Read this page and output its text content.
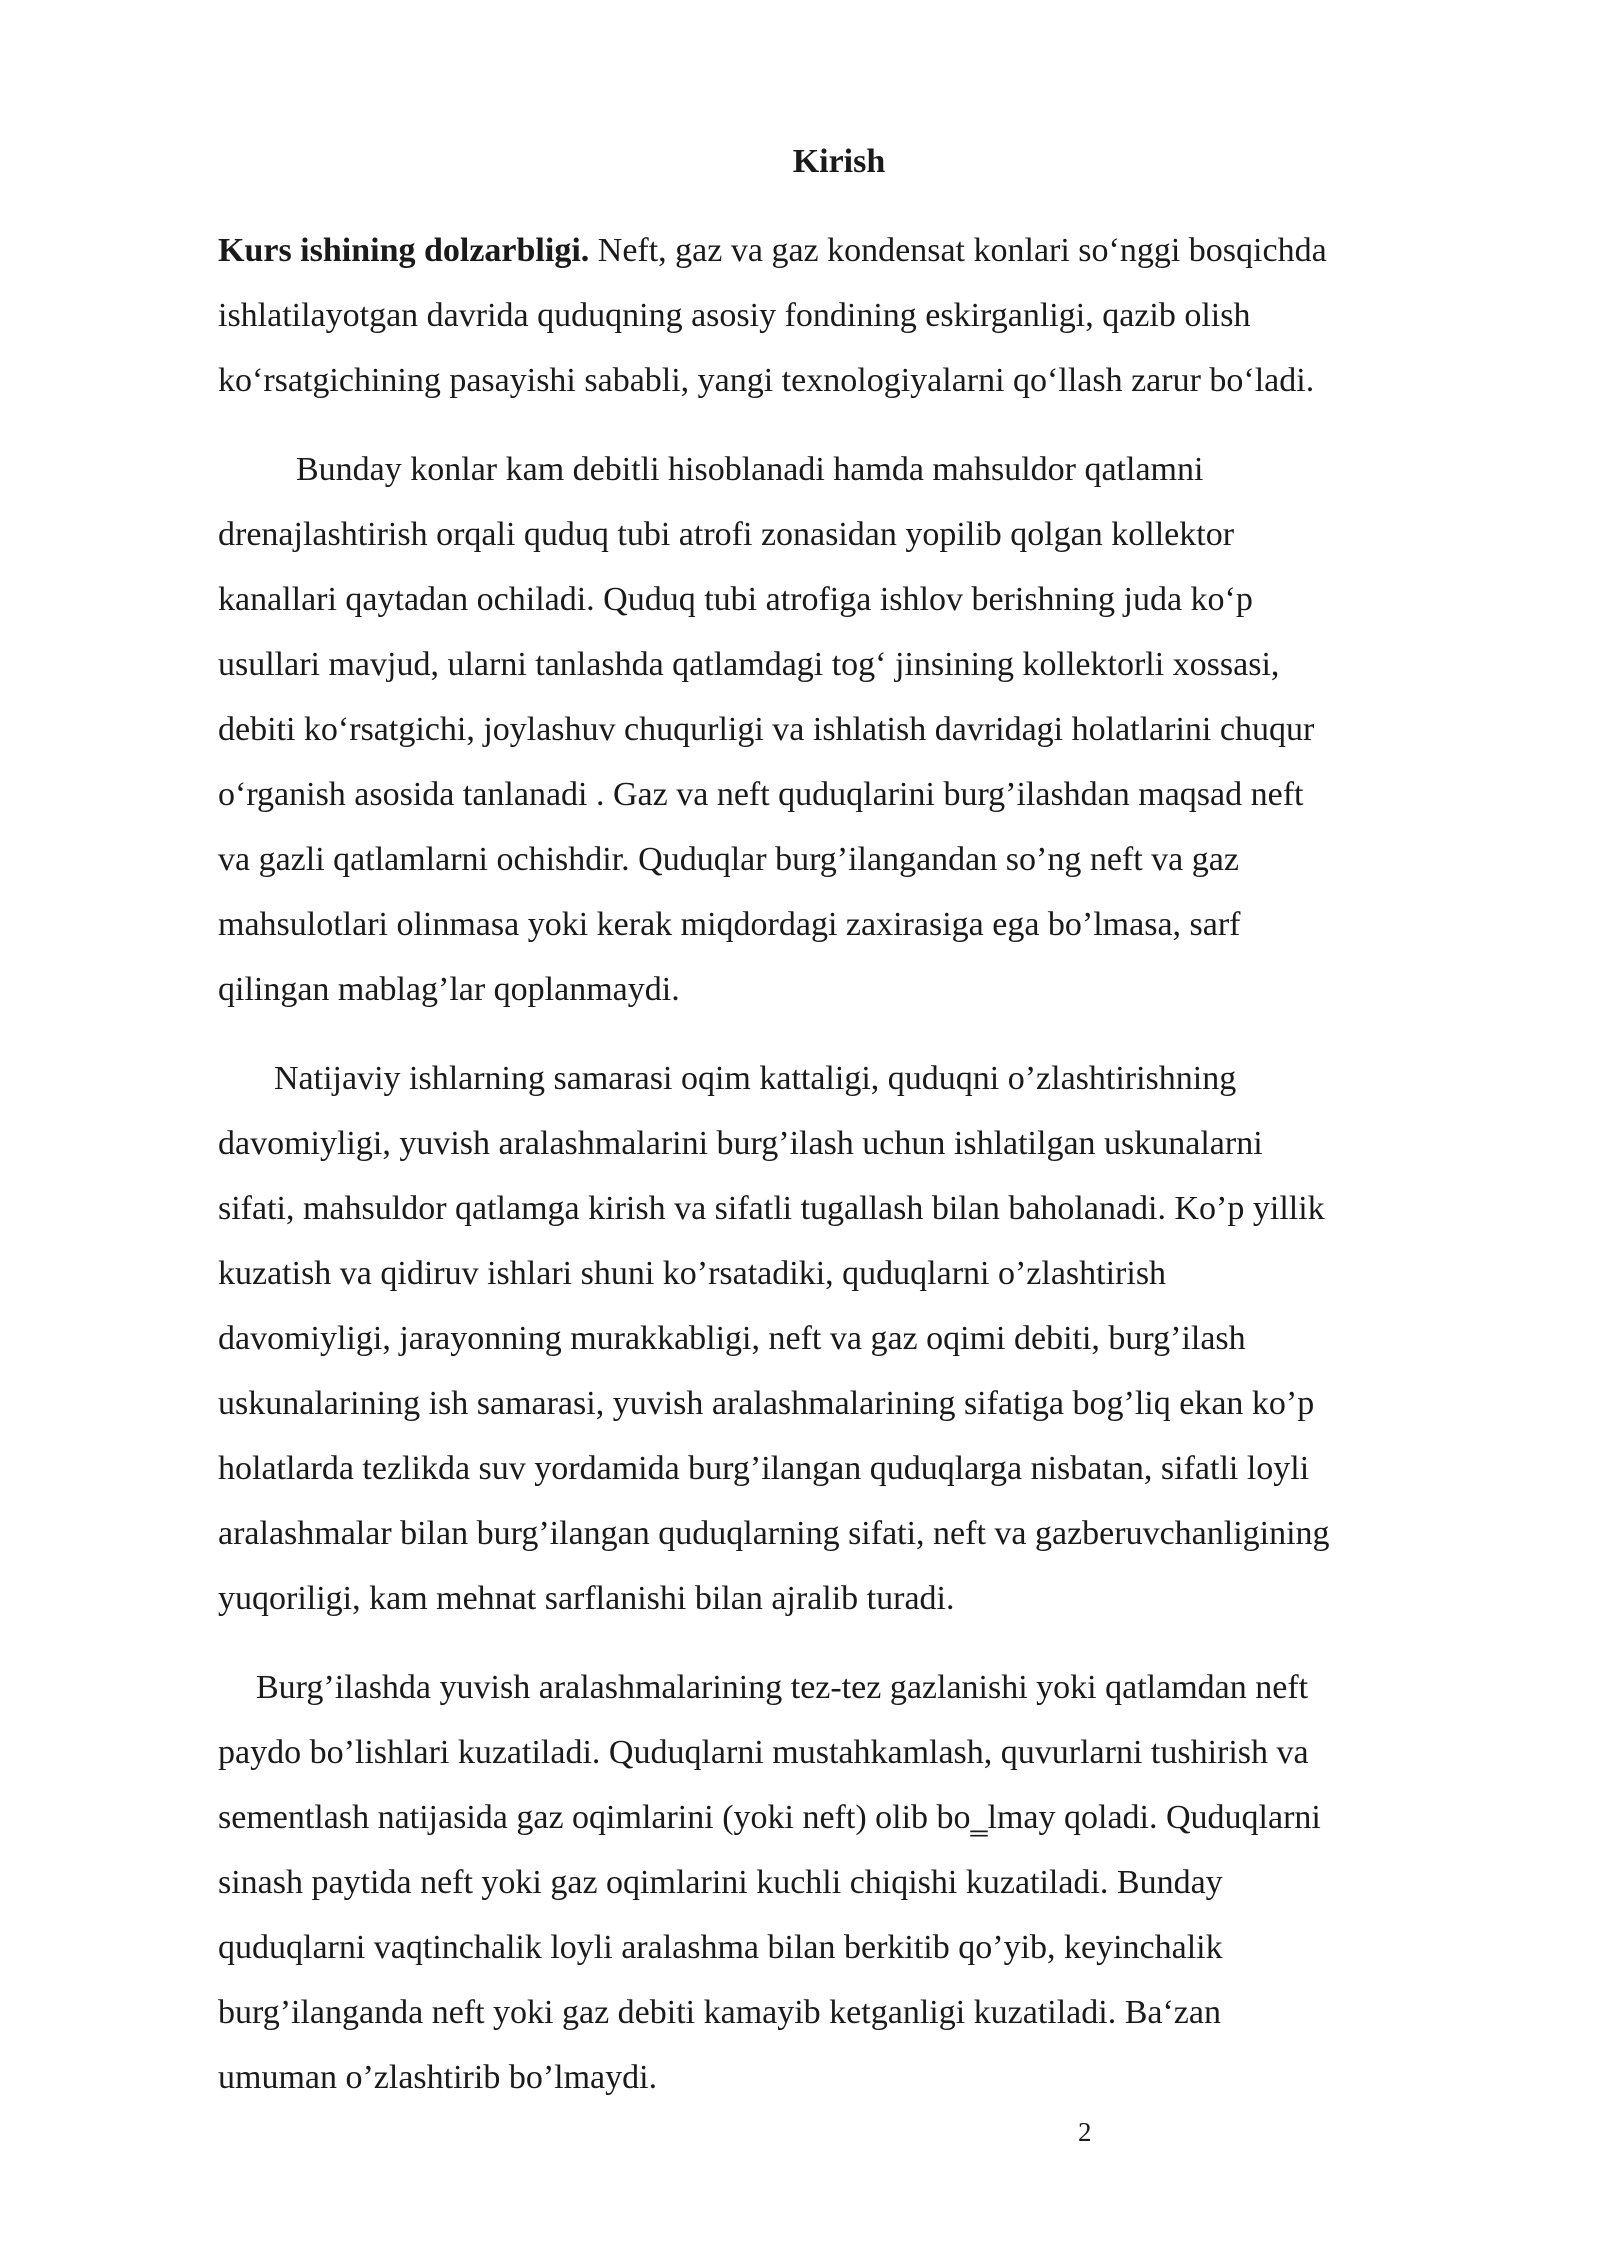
Kirish
Kurs ishining dolzarbligi. Neft, gaz va gaz kondensat konlari so‘nggi bosqichda
ishlatilayotgan davrida quduqning asosiy fondining eskirganligi, qazib olish
ko‘rsatgichining pasayishi sababli, yangi texnologiyalarni qo‘llash zarur bo‘ladi.
Bunday konlar kam debitli hisoblanadi hamda mahsuldor qatlamni
drenajlashtirish orqali quduq tubi atrofi zonasidan yopilib qolgan kollektor
kanallari qaytadan ochiladi. Quduq tubi atrofiga ishlov berishning juda ko‘p
usullari mavjud, ularni tanlashda qatlamdagi tog‘ jinsining kollektorli xossasi,
debiti ko‘rsatgichi, joylashuv chuqurligi va ishlatish davridagi holatlarini chuqur
o‘rganish asosida tanlanadi . Gaz va neft quduqlarini burg’ilashdan maqsad neft
va gazli qatlamlarni ochishdir. Quduqlar burg’ilangandan so’ng neft va gaz
mahsulotlari olinmasa yoki kerak miqdordagi zaxirasiga ega bo’lmasa, sarf
qilingan mablag’lar qoplanmaydi.
Natijaviy ishlarning samarasi oqim kattaligi, quduqni o’zlashtirishning
davomiyligi, yuvish aralashmalarini burg’ilash uchun ishlatilgan uskunalarni
sifati, mahsuldor qatlamga kirish va sifatli tugallash bilan baholanadi. Ko’p yillik
kuzatish va qidiruv ishlari shuni ko’rsatadiki, quduqlarni o’zlashtirish
davomiyligi, jarayonning murakkabligi, neft va gaz oqimi debiti, burg’ilash
uskunalarining ish samarasi, yuvish aralashmalarining sifatiga bog’liq ekan ko’p
holatlarda tezlikda suv yordamida burg’ilangan quduqlarga nisbatan, sifatli loyli
aralashmalar bilan burg’ilangan quduqlarning sifati, neft va gazberuvchanligining
yuqoriligi, kam mehnat sarflanishi bilan ajralib turadi.
Burg’ilashda yuvish aralashmalarining tez-tez gazlanishi yoki qatlamdan neft
paydo bo’lishlari kuzatiladi. Quduqlarni mustahkamlash, quvurlarni tushirish va
sementlash natijasida gaz oqimlarini (yoki neft) olib bo‗lmay qoladi. Quduqlarni
sinash paytida neft yoki gaz oqimlarini kuchli chiqishi kuzatiladi. Bunday
quduqlarni vaqtinchalik loyli aralashma bilan berkitib qo’yib, keyinchalik
burg’ilanganda neft yoki gaz debiti kamayib ketganligi kuzatiladi. Ba‘zan
umuman o’zlashtirib bo’lmaydi.
2
